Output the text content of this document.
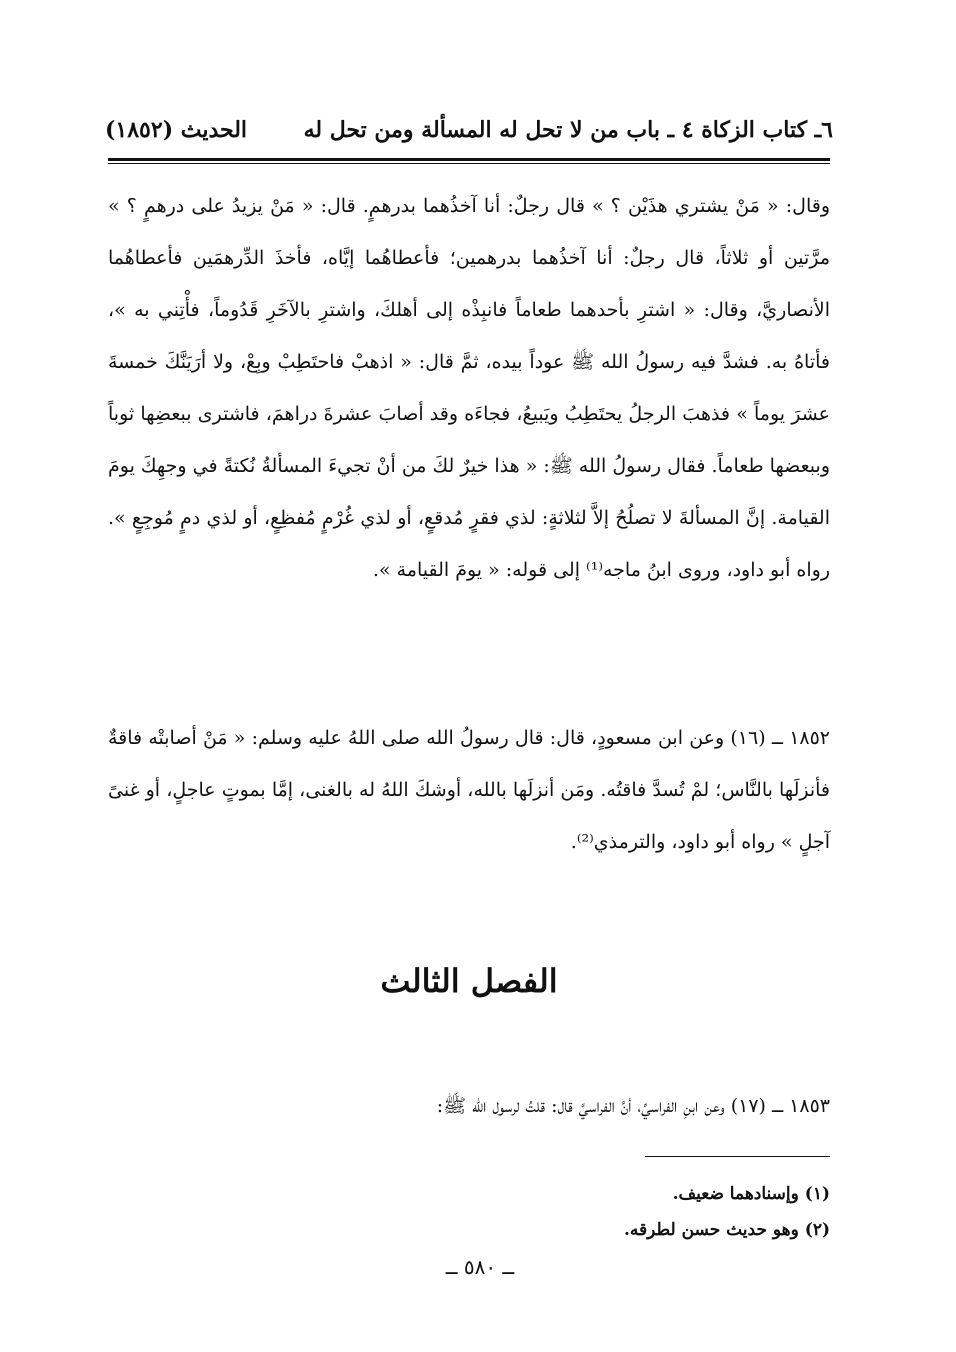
٦ـ كتاب الزكاة ٤ ـ باب من لا تحل له المسألة ومن تحل له
الحديث (١٨٥٢)

وقال: « مَنْ يشتري هذَيْن ؟ » قال رجلٌ: أنا آخذُهما بدرهمٍ. قال: « مَنْ يزيدُ على درهمٍ ؟ » مرَّتين أو ثلاثاً، قال رجلٌ: أنا آخذُهما بدرهمين؛ فأعطاهُما إيَّاه، فأخذَ الدِّرهمَين فأعطاهُما الأنصاريَّ، وقال: « اشترِ بأحدهما طعاماً فانبِذْه إلى أهلكَ، واشترِ بالآخَرِ قَدُوماً، فأْتِني به »، فأتاهُ به. فشدَّ فيه رسولُ الله ﷺ عوداً بيده، ثمَّ قال: « اذهبْ فاحتَطِبْ وبِعْ، ولا أرَيَنَّكَ خمسةَ عشرَ يوماً » فذهبَ الرجلُ يحتَطِبُ ويَبيعُ، فجاءَه وقد أصابَ عشرةَ دراهمَ، فاشترى ببعضِها ثوباً وببعضها طعاماً. فقال رسولُ الله ﷺ: « هذا خيرٌ لكَ من أنْ تجيءَ المسألةُ نُكتةً في وجهِكَ يومَ القيامة. إنَّ المسألةَ لا تصلُحُ إلاَّ لثلاثةٍ: لذي فقرٍ مُدقعٍ، أو لذي غُرْمٍ مُفظِعٍ، أو لذي دمٍ مُوجِعٍ ». رواه أبو داود، وروى ابنُ ماجه⁽¹⁾ إلى قوله: « يومَ القيامة ».

١٨٥٢ ــ (١٦) وعن ابن مسعودٍ، قال: قال رسولُ الله صلى اللهُ عليه وسلم: « مَنْ أصابتْه فاقةٌ فأنزلَها بالنَّاس؛ لمْ تُسدَّ فاقتُه. ومَن أنزلَها بالله، أوشكَ اللهُ له بالغنى، إمَّا بموتٍ عاجلٍ، أو غنىً آجلٍ » رواه أبو داود، والترمذي⁽²⁾.

الفصل الثالث

١٨٥٣ ــ (١٧) وعن ابنِ الفراسيِّ، أنَّ الفراسيَّ قال: قلتُ لرسول الله ﷺ:

(١) وإسنادهما ضعيف.
(٢) وهو حديث حسن لطرقه.
ــ ٥٨٠ ــ
